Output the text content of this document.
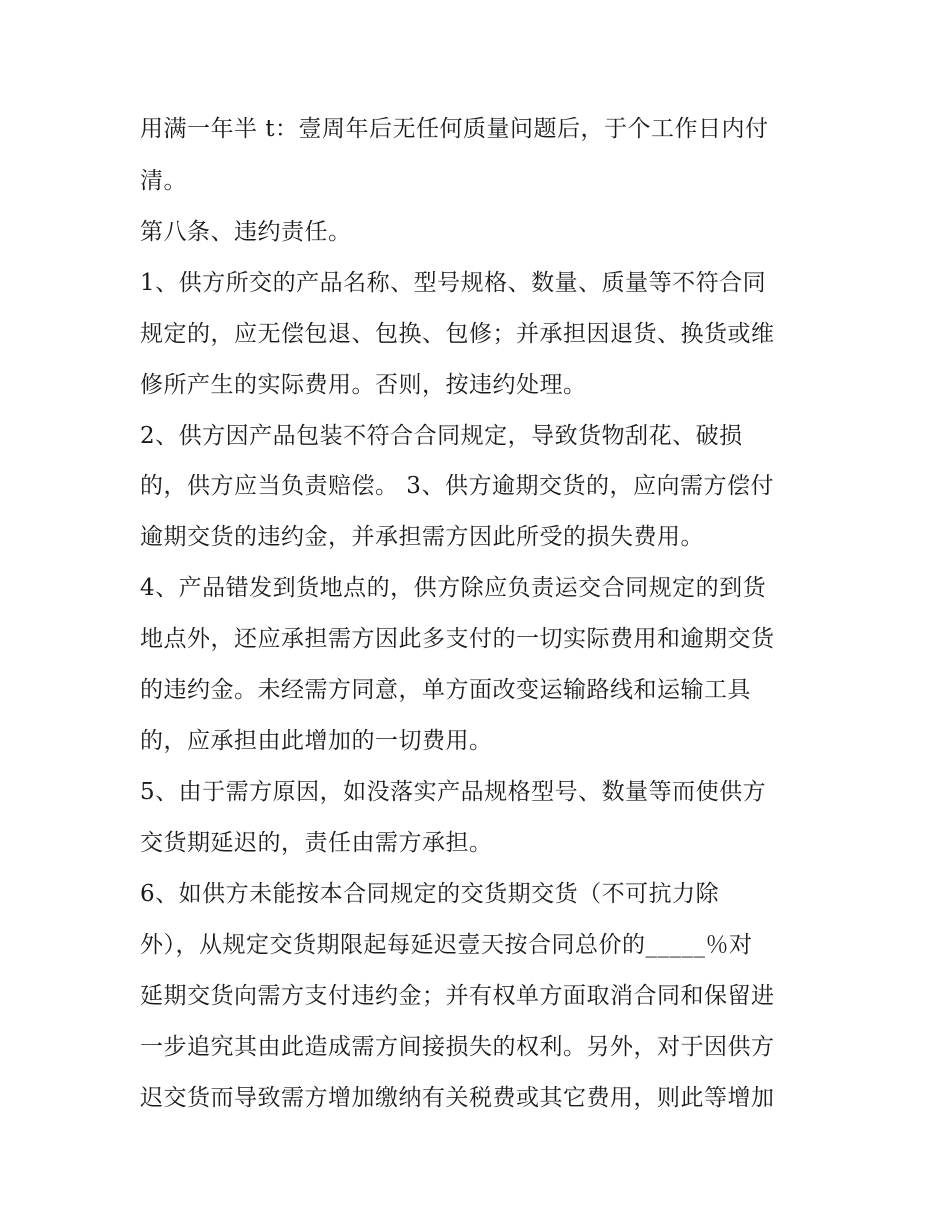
用满一年半 t：壹周年后无任何质量问题后，于个工作日内付
清。
第八条、违约责任。
1、供方所交的产品名称、型号规格、数量、质量等不符合同
规定的，应无偿包退、包换、包修；并承担因退货、换货或维
修所产生的实际费用。否则，按违约处理。
2、供方因产品包装不符合合同规定，导致货物刮花、破损
的，供方应当负责赔偿。 3、供方逾期交货的，应向需方偿付
逾期交货的违约金，并承担需方因此所受的损失费用。
4、产品错发到货地点的，供方除应负责运交合同规定的到货
地点外，还应承担需方因此多支付的一切实际费用和逾期交货
的违约金。未经需方同意，单方面改变运输路线和运输工具
的，应承担由此增加的一切费用。
5、由于需方原因，如没落实产品规格型号、数量等而使供方
交货期延迟的，责任由需方承担。
6、如供方未能按本合同规定的交货期交货（不可抗力除
外），从规定交货期限起每延迟壹天按合同总价的_____％对
延期交货向需方支付违约金；并有权单方面取消合同和保留进
一步追究其由此造成需方间接损失的权利。另外，对于因供方
迟交货而导致需方增加缴纳有关税费或其它费用，则此等增加
